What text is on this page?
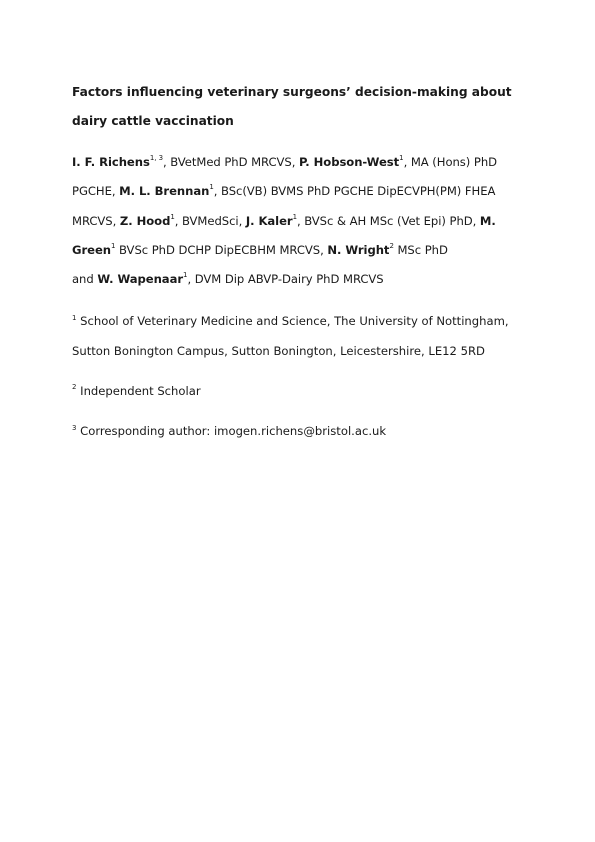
Factors influencing veterinary surgeons’ decision-making about
dairy cattle vaccination

I. F. Richens$^{1, 3}$, BVetMed PhD MRCVS, P. Hobson-West$^1$, MA (Hons) PhD PGCHE, M. L. Brennan$^1$, BSc(VB) BVMS PhD PGCHE DipECVPH(PM) FHEA MRCVS, Z. Hood$^1$, BVMedSci, J. Kaler$^1$, BVSc & AH MSc (Vet Epi) PhD, M. Green$^1$ BVSc PhD DCHP DipECBHM MRCVS, N. Wright$^2$ MSc PhD
and W. Wapenaar$^1$, DVM Dip ABVP-Dairy PhD MRCVS

$^1$ School of Veterinary Medicine and Science, The University of Nottingham, Sutton Bonington Campus, Sutton Bonington, Leicestershire, LE12 5RD

$^2$ Independent Scholar

$^3$ Corresponding author: imogen.richens@bristol.ac.uk
